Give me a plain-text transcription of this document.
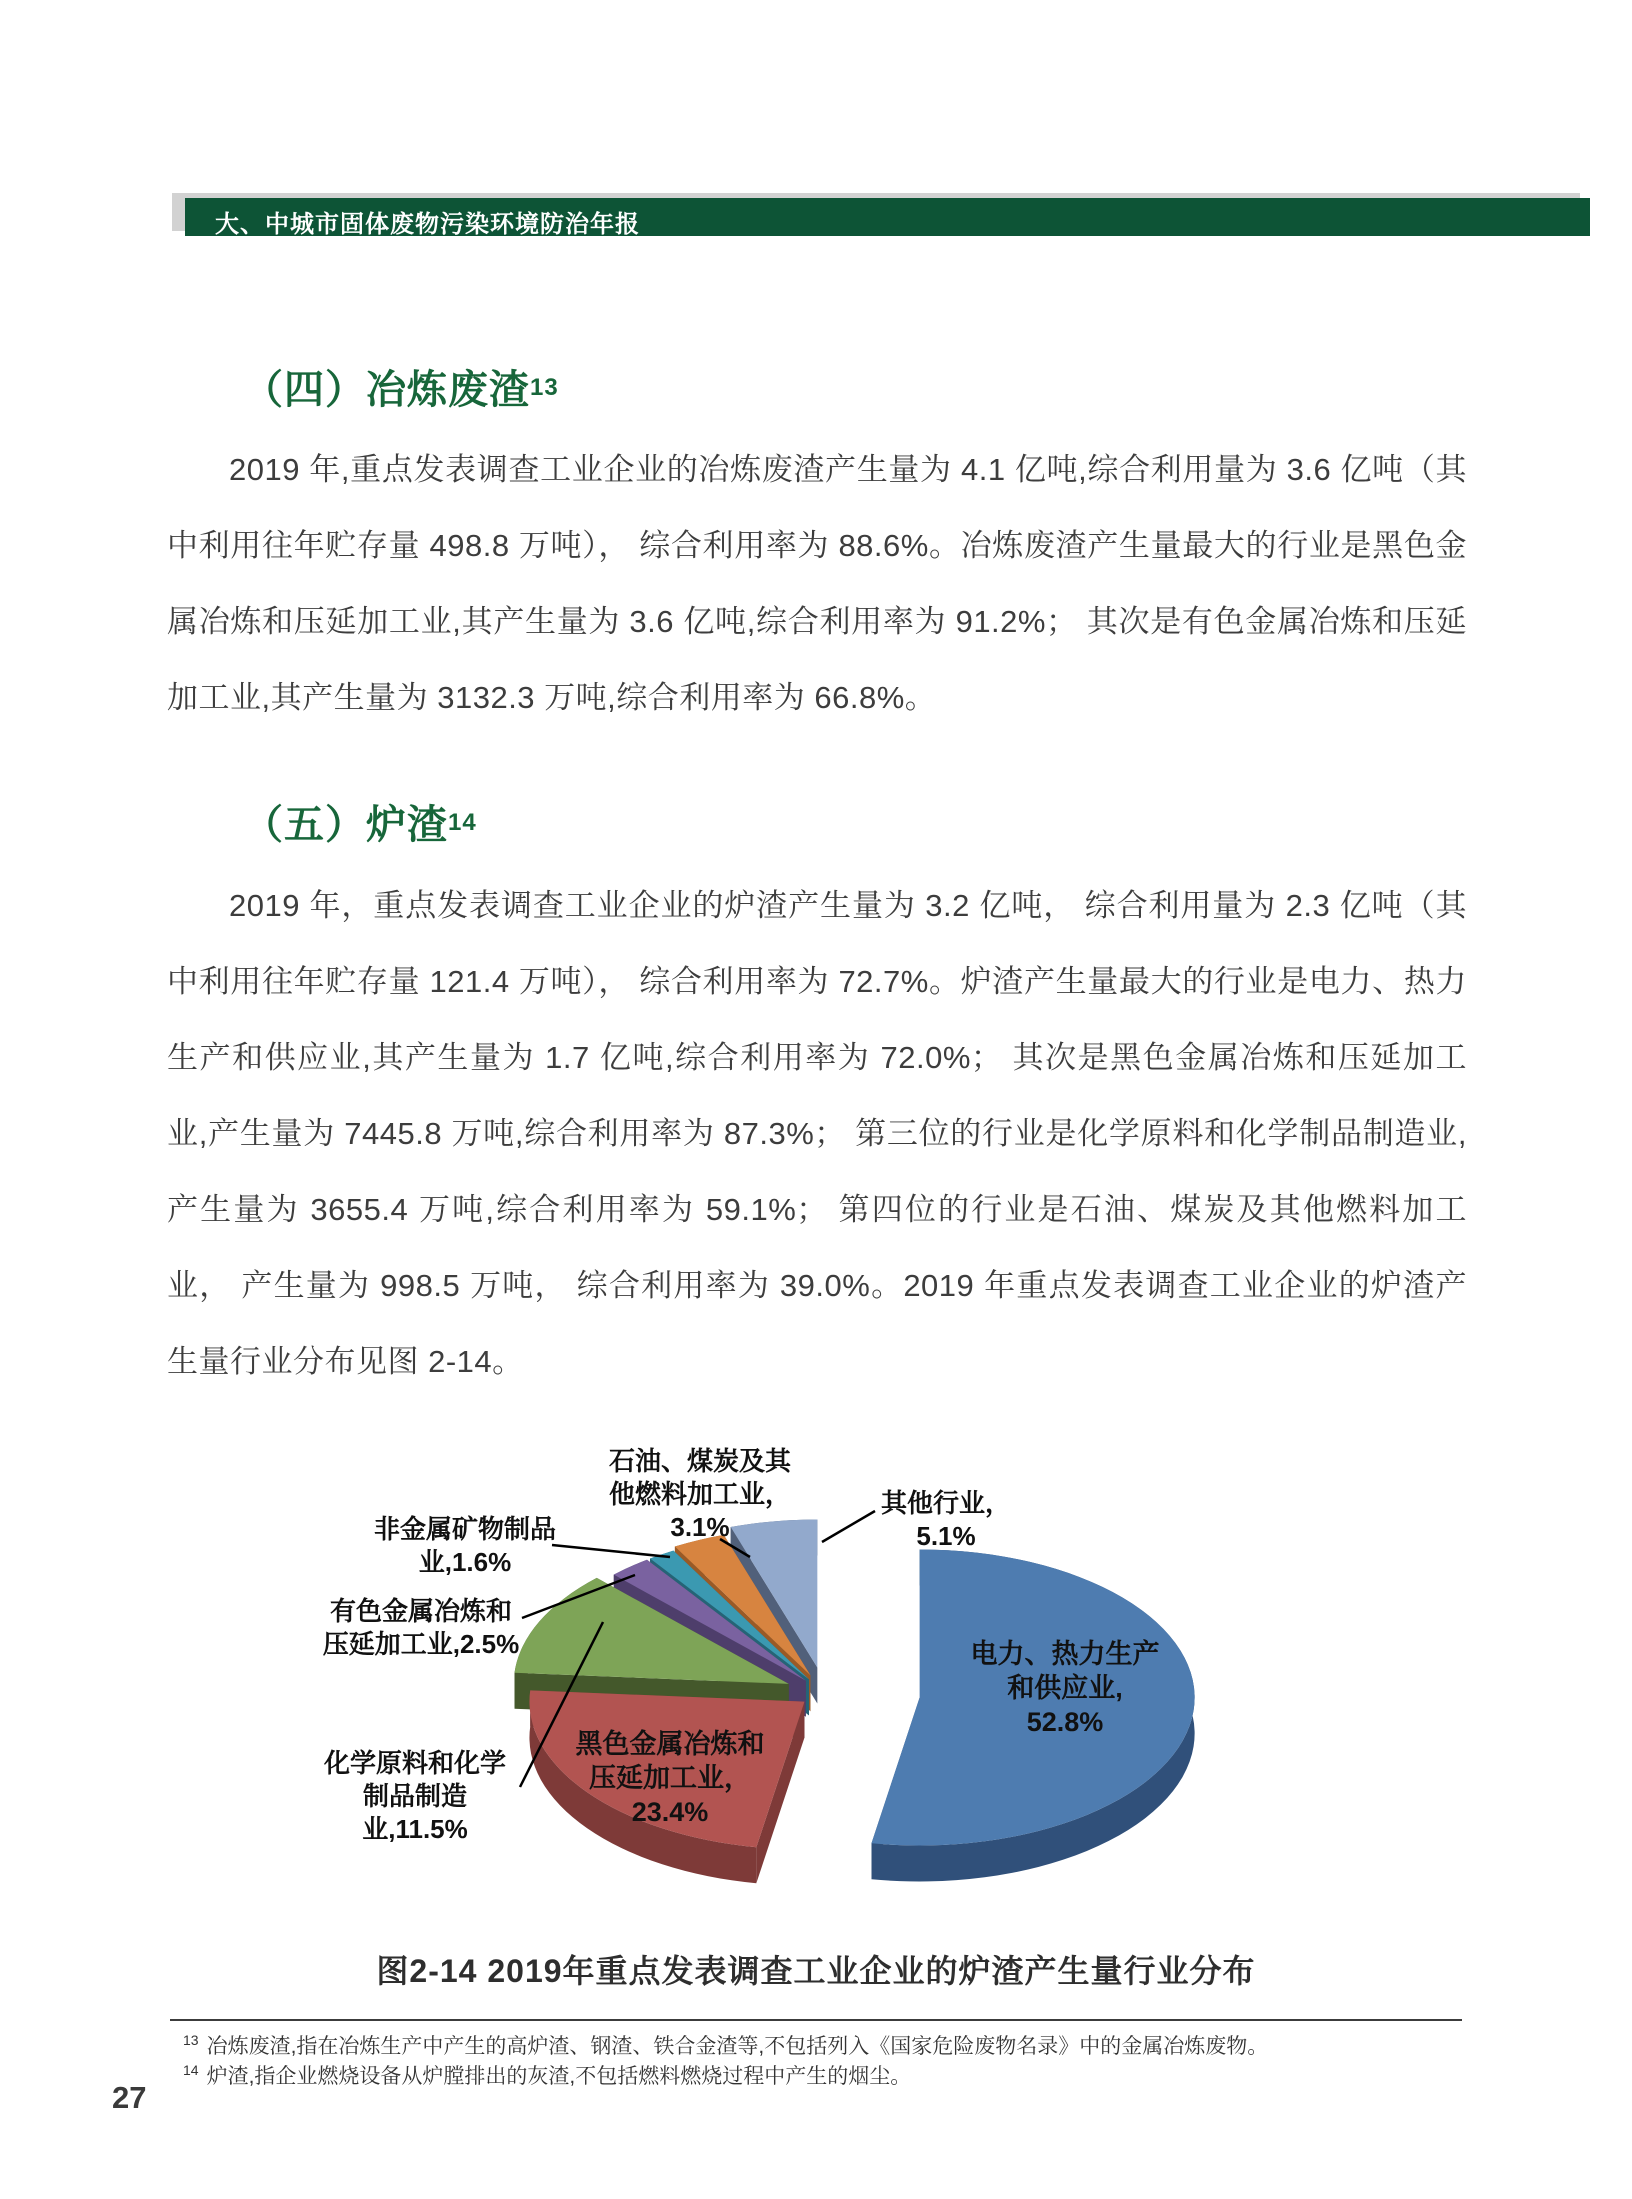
大、中城市固体废物污染环境防治年报
（四）冶炼废渣$^{13}$
2019 年,重点发表调查工业企业的冶炼废渣产生量为 4.1 亿吨,综合利用量为 3.6 亿吨（其中利用往年贮存量 498.8 万吨）， 综合利用率为 88.6%。冶炼废渣产生量最大的行业是黑色金属冶炼和压延加工业,其产生量为 3.6 亿吨,综合利用率为 91.2%； 其次是有色金属冶炼和压延加工业,其产生量为 3132.3 万吨,综合利用率为 66.8%。
（五）炉渣$^{14}$
2019 年，重点发表调查工业企业的炉渣产生量为 3.2 亿吨， 综合利用量为 2.3 亿吨（其中利用往年贮存量 121.4 万吨）， 综合利用率为 72.7%。炉渣产生量最大的行业是电力、热力生产和供应业,其产生量为 1.7 亿吨,综合利用率为 72.0%； 其次是黑色金属冶炼和压延加工业,产生量为 7445.8 万吨,综合利用率为 87.3%； 第三位的行业是化学原料和化学制品制造业,产生量为 3655.4 万吨,综合利用率为 59.1%； 第四位的行业是石油、煤炭及其他燃料加工业， 产生量为 998.5 万吨， 综合利用率为 39.0%。2019 年重点发表调查工业企业的炉渣产生量行业分布见图 2-14。
石油、煤炭及其
他燃料加工业，
3.1%
其他行业，
5.1%
非金属矿物制品
业,1.6%
有色金属冶炼和
压延加工业,2.5%
化学原料和化学
制品制造
业,11.5%
电力、热力生产
和供应业,
52.8%
黑色金属冶炼和
压延加工业，
23.4%
图2-14 2019年重点发表调查工业企业的炉渣产生量行业分布
$^{13}$ 冶炼废渣,指在冶炼生产中产生的高炉渣、钢渣、铁合金渣等,不包括列入《国家危险废物名录》中的金属冶炼废物。
$^{14}$ 炉渣,指企业燃烧设备从炉膛排出的灰渣,不包括燃料燃烧过程中产生的烟尘。
27
